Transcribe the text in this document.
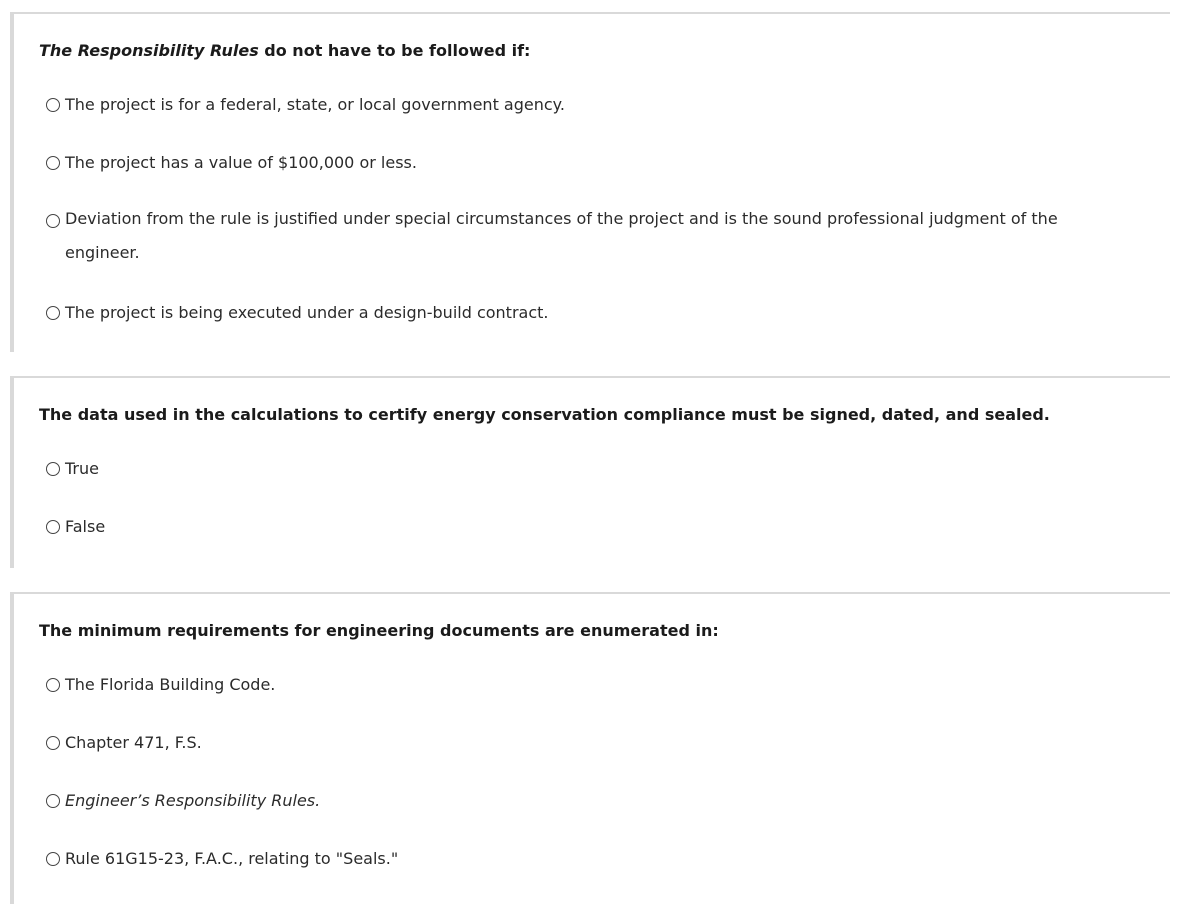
The Responsibility Rules do not have to be followed if:
The project is for a federal, state, or local government agency.
The project has a value of $100,000 or less.
Deviation from the rule is justified under special circumstances of the project and is the sound professional judgment of the engineer.
The project is being executed under a design-build contract.
The data used in the calculations to certify energy conservation compliance must be signed, dated, and sealed.
True
False
The minimum requirements for engineering documents are enumerated in:
The Florida Building Code.
Chapter 471, F.S.
Engineer’s Responsibility Rules.
Rule 61G15-23, F.A.C., relating to "Seals."
